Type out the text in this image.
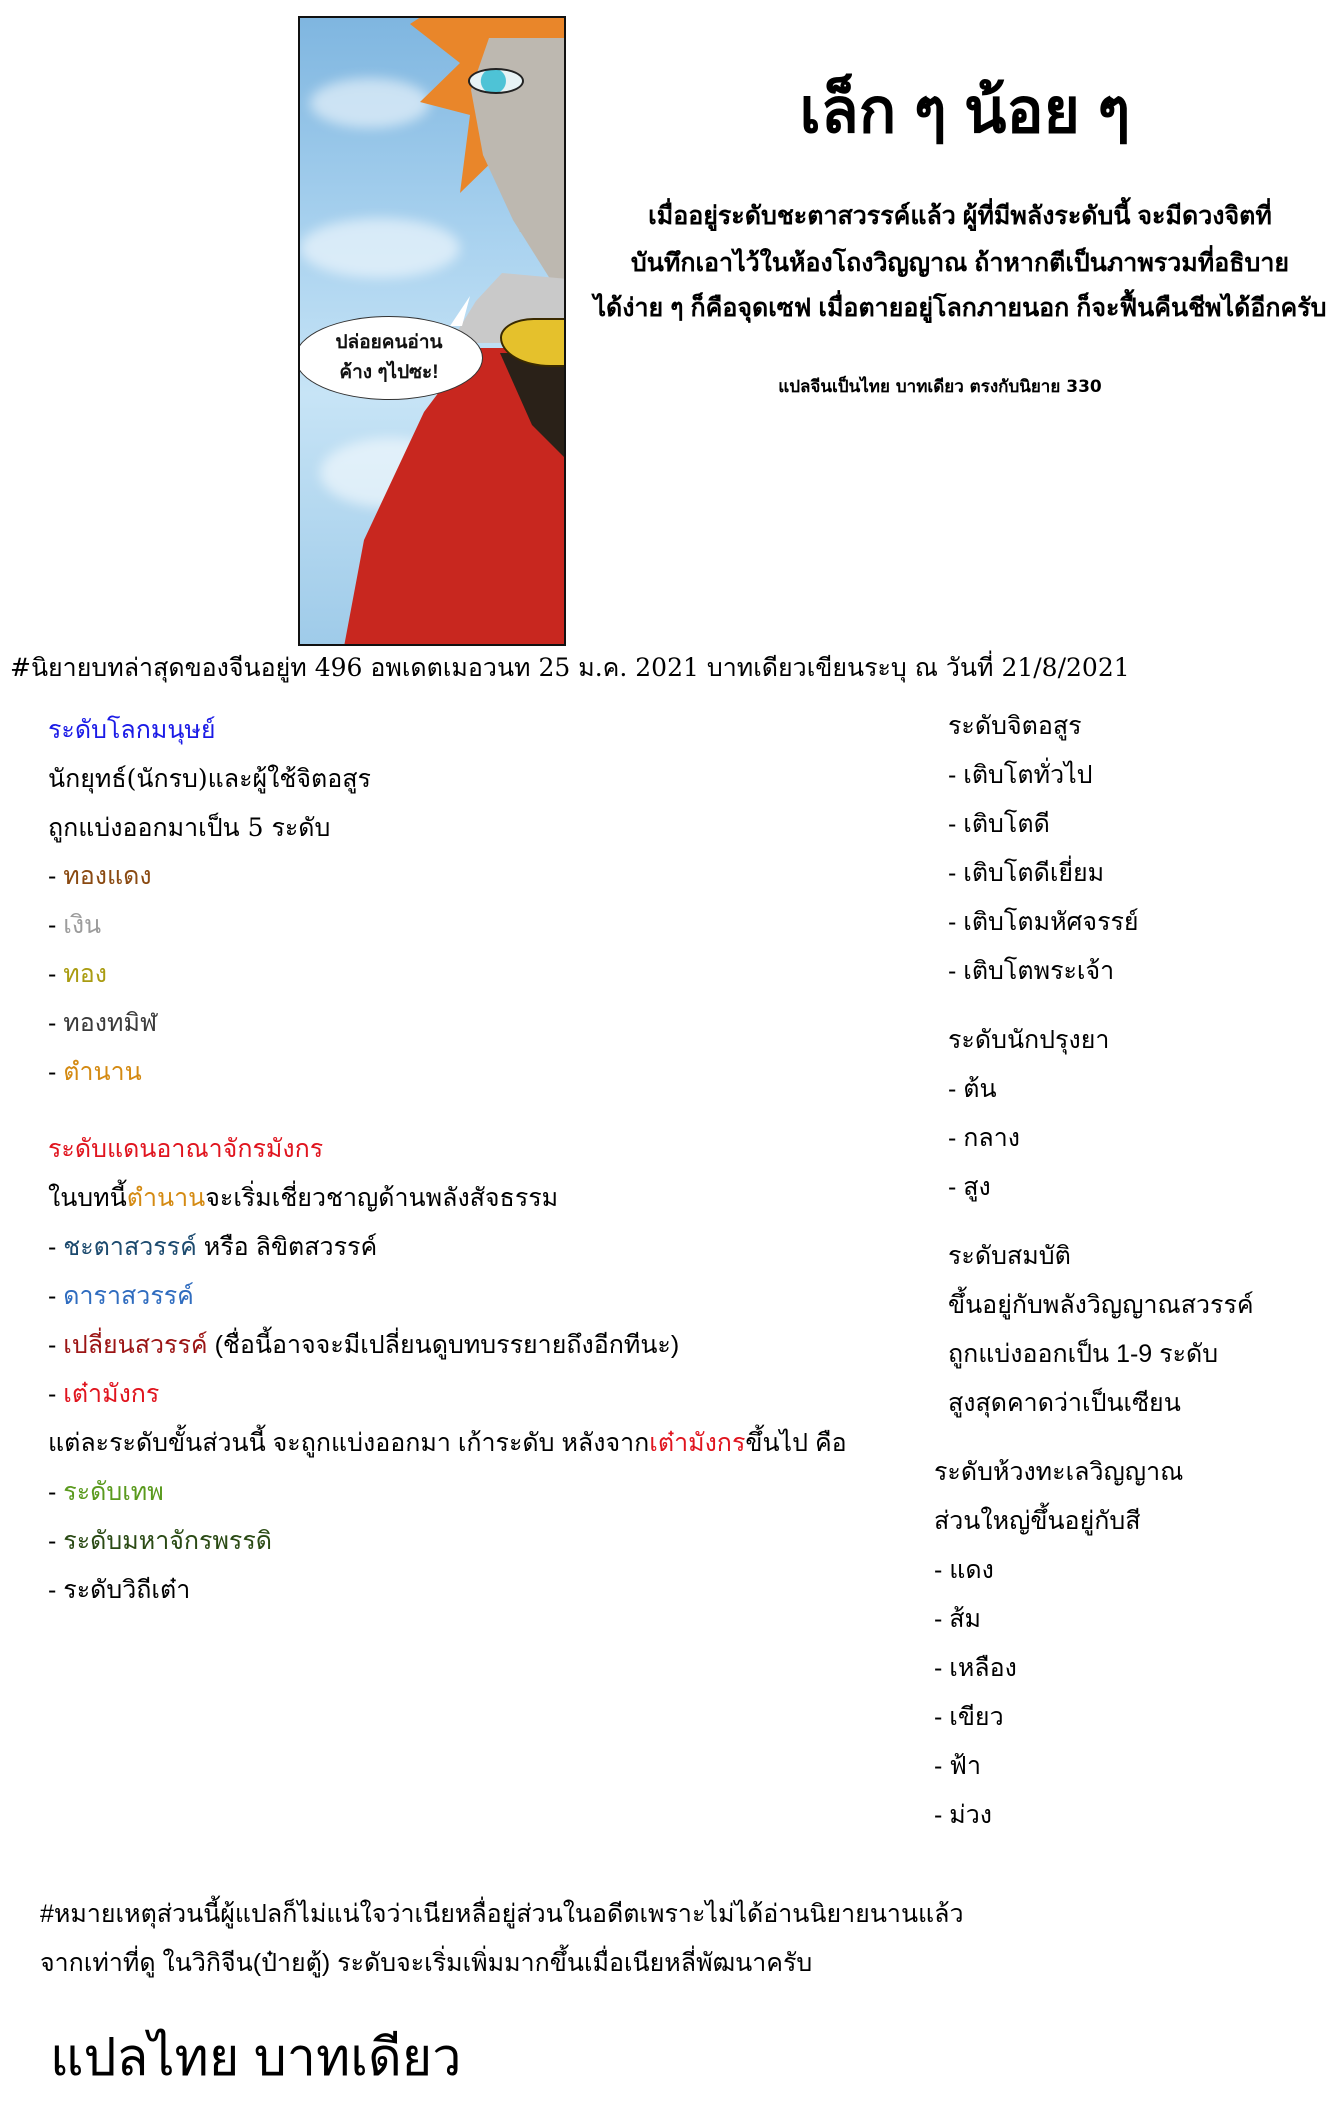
ปล่อยคนอ่าน
ค้าง ๆไปซะ!
เล็ก ๆ น้อย ๆ
เมื่ออยู่ระดับชะตาสวรรค์แล้ว ผู้ที่มีพลังระดับนี้ จะมีดวงจิตที่
บันทึกเอาไว้ในห้องโถงวิญญาณ ถ้าหากตีเป็นภาพรวมที่อธิบาย
ได้ง่าย ๆ ก็คือจุดเซฟ เมื่อตายอยู่โลกภายนอก ก็จะฟื้นคืนชีพได้อีกครับ
แปลจีนเป็นไทย บาทเดียว ตรงกับนิยาย 330
#นิยายบทล่าสุดของจีนอยู่ท 496 อพเดตเมอวนท 25 ม.ค. 2021 บาทเดียวเขียนระบุ ณ วันที่ 21/8/2021
ระดับโลกมนุษย์
นักยุทธ์(นักรบ)และผู้ใช้จิตอสูร
ถูกแบ่งออกมาเป็น 5 ระดับ
- ทองแดง
- เงิน
- ทอง
- ทองทมิฬ
- ตำนาน
ระดับแดนอาณาจักรมังกร
ในบทนี้ตำนานจะเริ่มเชี่ยวชาญด้านพลังสัจธรรม
- ชะตาสวรรค์ หรือ ลิขิตสวรรค์
- ดาราสวรรค์
- เปลี่ยนสวรรค์ (ชื่อนี้อาจจะมีเปลี่ยนดูบทบรรยายถึงอีกทีนะ)
- เต๋ามังกร
แต่ละระดับขั้นส่วนนี้ จะถูกแบ่งออกมา เก้าระดับ หลังจากเต๋ามังกรขึ้นไป คือ
- ระดับเทพ
- ระดับมหาจักรพรรดิ
- ระดับวิถีเต๋า
ระดับจิตอสูร
- เติบโตทั่วไป
- เติบโตดี
- เติบโตดีเยี่ยม
- เติบโตมหัศจรรย์
- เติบโตพระเจ้า
ระดับนักปรุงยา
- ต้น
- กลาง
- สูง
ระดับสมบัติ
ขึ้นอยู่กับพลังวิญญาณสวรรค์
ถูกแบ่งออกเป็น 1-9 ระดับ
สูงสุดคาดว่าเป็นเซียน
ระดับห้วงทะเลวิญญาณ
ส่วนใหญ่ขึ้นอยู่กับสี
- แดง
- ส้ม
- เหลือง
- เขียว
- ฟ้า
- ม่วง
#หมายเหตุส่วนนี้ผู้แปลก็ไม่แน่ใจว่าเนียหลื่อยู่ส่วนในอดีตเพราะไม่ได้อ่านนิยายนานแล้ว
จากเท่าที่ดู ในวิกิจีน(ป๋ายตู้) ระดับจะเริ่มเพิ่มมากขึ้นเมื่อเนียหลี่พัฒนาครับ
แปลไทย บาทเดียว
